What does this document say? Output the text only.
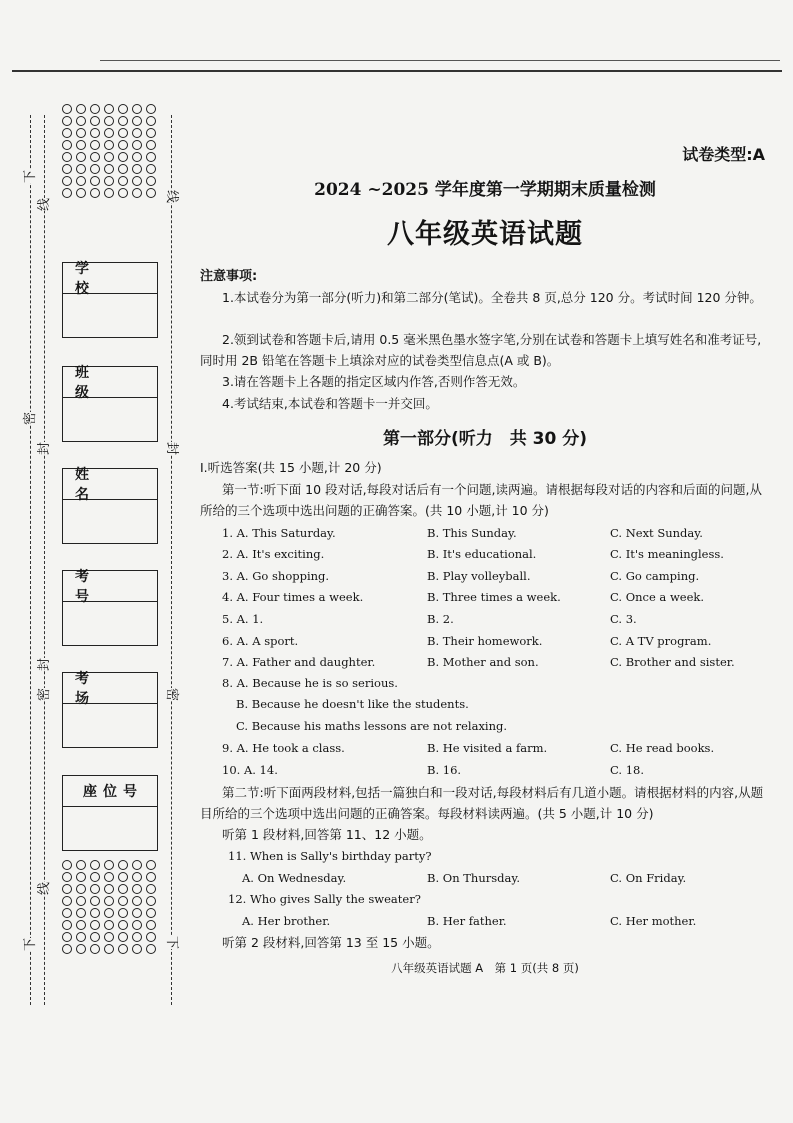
下
线
密
封
封
密
线
下
线
封
密
下
学 校
班 级
姓 名
考 号
考 场
座位号
试卷类型:A
2024 ~2025 学年度第一学期期末质量检测
八年级英语试题
注意事项:
1.本试卷分为第一部分(听力)和第二部分(笔试)。全卷共 8 页,总分 120 分。考试时间 120 分钟。
2.领到试卷和答题卡后,请用 0.5 毫米黑色墨水签字笔,分别在试卷和答题卡上填写姓名和准考证号,同时用 2B 铅笔在答题卡上填涂对应的试卷类型信息点(A 或 B)。
3.请在答题卡上各题的指定区域内作答,否则作答无效。
4.考试结束,本试卷和答题卡一并交回。
第一部分(听力　共 30 分)
Ⅰ.听选答案(共 15 小题,计 20 分)
第一节:听下面 10 段对话,每段对话后有一个问题,读两遍。请根据每段对话的内容和后面的问题,从所给的三个选项中选出问题的正确答案。(共 10 小题,计 10 分)
1. A. This Saturday.	B. This Sunday.	C. Next Sunday.
2. A. It's exciting.	B. It's educational.	C. It's meaningless.
3. A. Go shopping.	B. Play volleyball.	C. Go camping.
4. A. Four times a week.	B. Three times a week.	C. Once a week.
5. A. 1.	B. 2.	C. 3.
6. A. A sport.	B. Their homework.	C. A TV program.
7. A. Father and daughter.	B. Mother and son.	C. Brother and sister.
8. A. Because he is so serious.
B. Because he doesn't like the students.
C. Because his maths lessons are not relaxing.
9. A. He took a class.	B. He visited a farm.	C. He read books.
10. A. 14.	B. 16.	C. 18.
第二节:听下面两段材料,包括一篇独白和一段对话,每段材料后有几道小题。请根据材料的内容,从题目所给的三个选项中选出问题的正确答案。每段材料读两遍。(共 5 小题,计 10 分)
听第 1 段材料,回答第 11、12 小题。
11. When is Sally's birthday party?
A. On Wednesday.	B. On Thursday.	C. On Friday.
12. Who gives Sally the sweater?
A. Her brother.	B. Her father.	C. Her mother.
听第 2 段材料,回答第 13 至 15 小题。
八年级英语试题 A　第 1 页(共 8 页)
